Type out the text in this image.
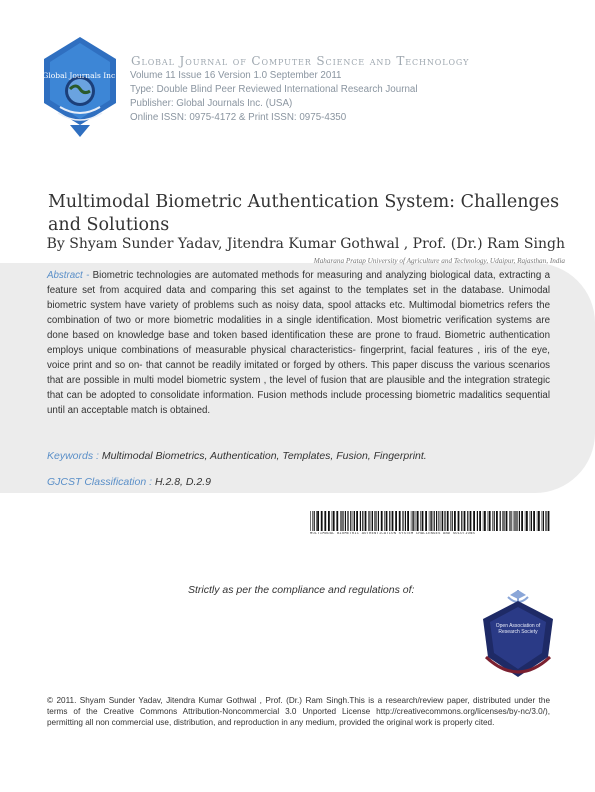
Global Journals Inc.
Global Journal of Computer Science and Technology
Volume 11 Issue 16 Version 1.0 September 2011
Type: Double Blind Peer Reviewed International Research Journal
Publisher: Global Journals Inc. (USA)
Online ISSN: 0975-4172 & Print ISSN: 0975-4350
Multimodal Biometric Authentication System: Challenges and Solutions
By Shyam Sunder Yadav, Jitendra Kumar Gothwal , Prof. (Dr.) Ram Singh
Maharana Pratap University of Agriculture and Technology, Udaipur, Rajasthan, India
Abstract - Biometric technologies are automated methods for measuring and analyzing biological data, extracting a feature set from acquired data and comparing this set against to the templates set in the database. Unimodal biometric system have variety of problems such as noisy data, spool attacks etc. Multimodal biometrics refers the combination of two or more biometric modalities in a single identification. Most biometric verification systems are done based on knowledge base and token based identification these are prone to fraud. Biometric authentication employs unique combinations of measurable physical characteristics- fingerprint, facial features , iris of the eye, voice print and so on- that cannot be readily imitated or forged by others. This paper discuss the various scenarios that are possible in multi model biometric system , the level of fusion that are plausible and the integration strategic that can be adopted to consolidate information. Fusion methods include processing biometric madalitics sequential until an acceptable match is obtained.
Keywords : Multimodal Biometrics, Authentication, Templates, Fusion, Fingerprint.
GJCST Classification : H.2.8, D.2.9
MULTIMODAL BIOMETRIC AUTHENTICATION SYSTEM CHALLENGES AND SOLUTIONS
Strictly as per the compliance and regulations of:
Open Association of Research Society
© 2011. Shyam Sunder Yadav, Jitendra Kumar Gothwal , Prof. (Dr.) Ram Singh.This is a research/review paper, distributed under the terms of the Creative Commons Attribution-Noncommercial 3.0 Unported License http://creativecommons.org/licenses/by-nc/3.0/), permitting all non commercial use, distribution, and reproduction in any medium, provided the original work is properly cited.
